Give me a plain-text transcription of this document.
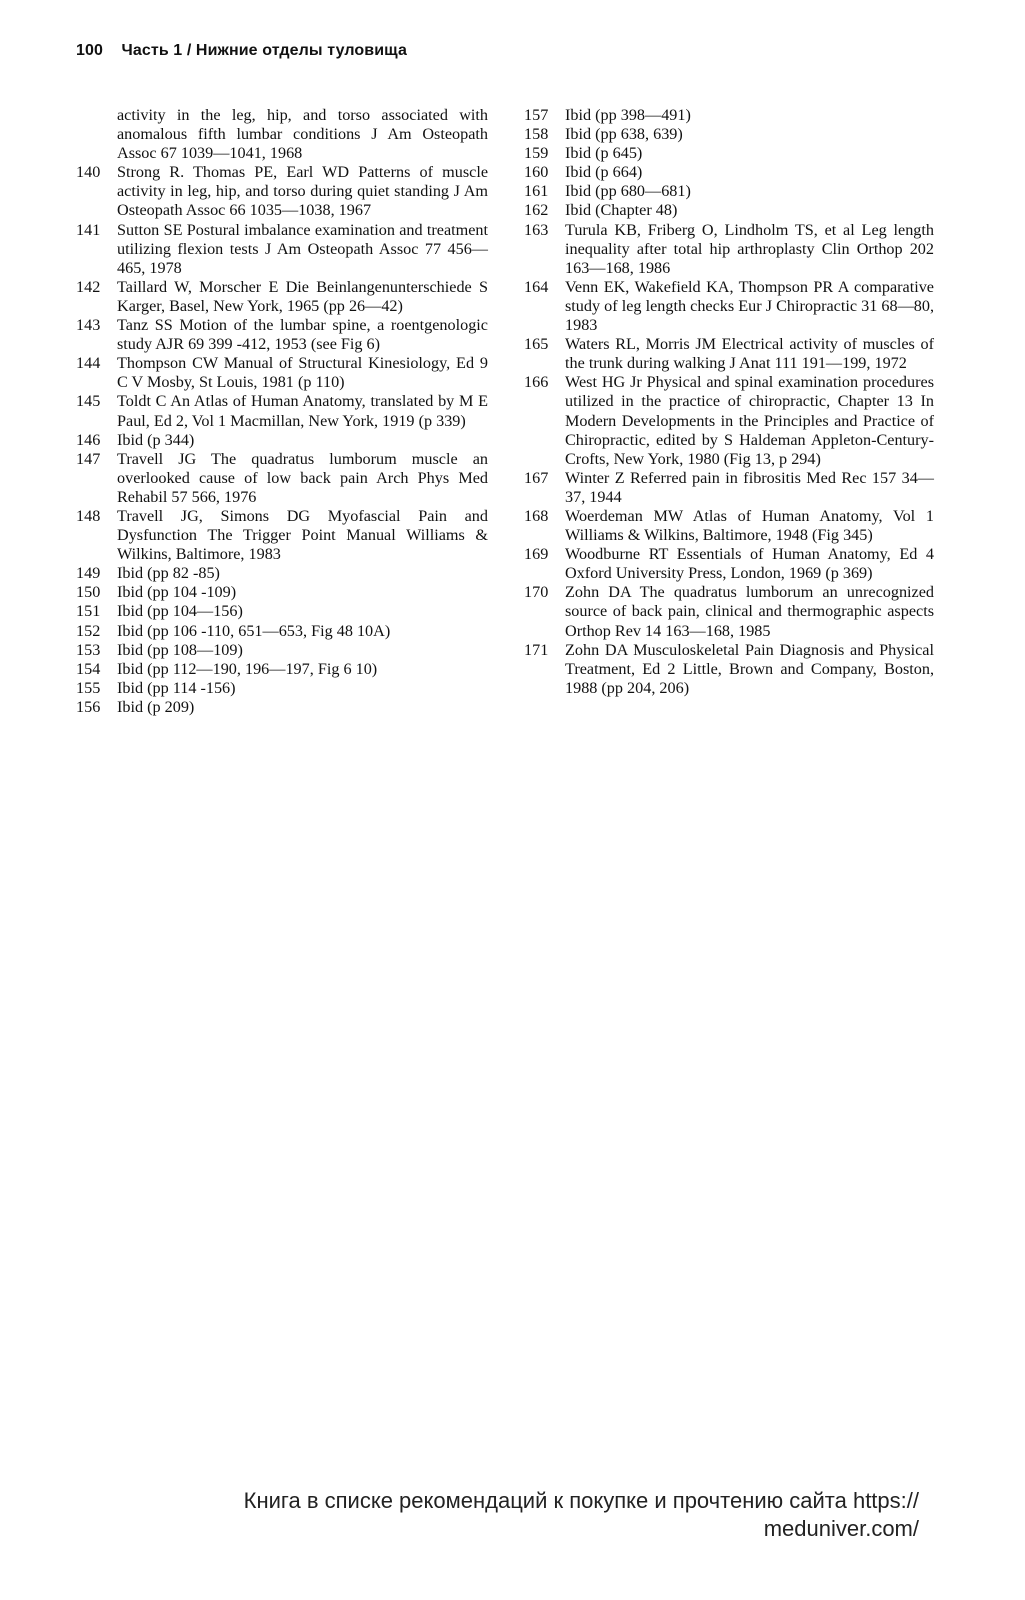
100 Часть 1 / Нижние отделы туловища
activity in the leg, hip, and torso associated with anomalous fifth lumbar conditions J Am Osteopath Assoc 67 1039—1041, 1968
140	Strong R. Thomas PE, Earl WD Patterns of muscle activity in leg, hip, and torso during quiet standing J Am Osteopath Assoc 66 1035—1038, 1967
141	Sutton SE Postural imbalance examination and treatment utilizing flexion tests J Am Osteopath Assoc 77 456—465, 1978
142	Taillard W, Morscher E Die Beinlangenunterschiede S Karger, Basel, New York, 1965 (pp 26—42)
143	Tanz SS Motion of the lumbar spine, a roentgenologic study AJR 69 399 -412, 1953 (see Fig 6)
144	Thompson CW Manual of Structural Kinesiology, Ed 9 C V Mosby, St Louis, 1981 (p 110)
145	Toldt C An Atlas of Human Anatomy, translated by M E Paul, Ed 2, Vol 1 Macmillan, New York, 1919 (p 339)
146	Ibid (p 344)
147	Travell JG The quadratus lumborum muscle an overlooked cause of low back pain Arch Phys Med Rehabil 57 566, 1976
148	Travell JG, Simons DG Myofascial Pain and Dysfunction The Trigger Point Manual Williams & Wilkins, Baltimore, 1983
149	Ibid (pp 82 -85)
150	Ibid (pp 104 -109)
151	Ibid (pp 104—156)
152	Ibid (pp 106 -110, 651—653, Fig 48 10A)
153	Ibid (pp 108—109)
154	Ibid (pp 112—190, 196—197, Fig 6 10)
155	Ibid (pp 114 -156)
156	Ibid (p 209)
157	Ibid (pp 398—491)
158	Ibid (pp 638, 639)
159	Ibid (p 645)
160	Ibid (p 664)
161	Ibid (pp 680—681)
162	Ibid (Chapter 48)
163	Turula KB, Friberg O, Lindholm TS, et al Leg length inequality after total hip arthroplasty Clin Orthop 202 163—168, 1986
164	Venn EK, Wakefield KA, Thompson PR A comparative study of leg length checks Eur J Chiropractic 31 68—80, 1983
165	Waters RL, Morris JM Electrical activity of muscles of the trunk during walking J Anat 111 191—199, 1972
166	West HG Jr Physical and spinal examination procedures utilized in the practice of chiropractic, Chapter 13 In Modern Developments in the Principles and Practice of Chiropractic, edited by S Haldeman Appleton-Century-Crofts, New York, 1980 (Fig 13, p 294)
167	Winter Z Referred pain in fibrositis Med Rec 157 34—37, 1944
168	Woerdeman MW Atlas of Human Anatomy, Vol 1 Williams & Wilkins, Baltimore, 1948 (Fig 345)
169	Woodburne RT Essentials of Human Anatomy, Ed 4 Oxford University Press, London, 1969 (p 369)
170	Zohn DA The quadratus lumborum an unrecognized source of back pain, clinical and thermographic aspects Orthop Rev 14 163—168, 1985
171	Zohn DA Musculoskeletal Pain Diagnosis and Physical Treatment, Ed 2 Little, Brown and Company, Boston, 1988 (pp 204, 206)
Книга в списке рекомендаций к покупке и прочтению сайта https://
meduniver.com/
